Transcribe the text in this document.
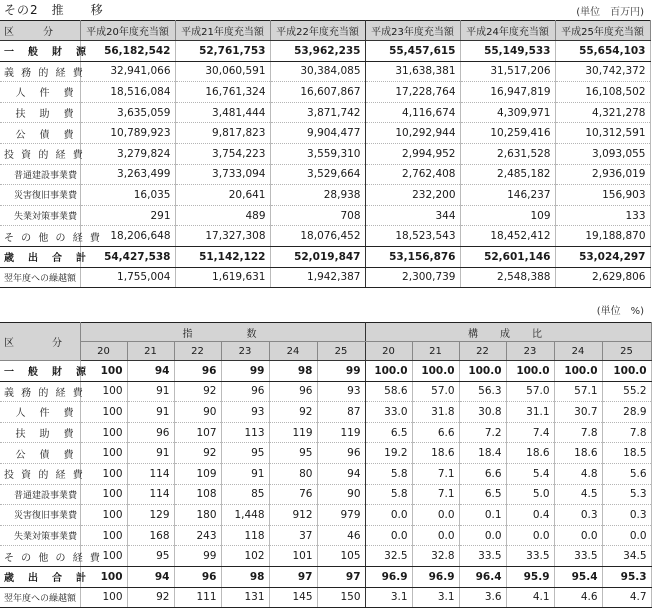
その2　推　　移	(単位　百万円)
区　　分	平成20年度充当額	平成21年度充当額	平成22年度充当額	平成23年度充当額	平成24年度充当額	平成25年度充当額
一　般　財　源	56,182,542	52,761,753	53,962,235	55,457,615	55,149,533	55,654,103
義 務 的 経 費	32,941,066	30,060,591	30,384,085	31,638,381	31,517,206	30,742,372
人　件　費	18,516,084	16,761,324	16,607,867	17,228,764	16,947,819	16,108,502
扶　助　費	3,635,059	3,481,444	3,871,742	4,116,674	4,309,971	4,321,278
公　債　費	10,789,923	9,817,823	9,904,477	10,292,944	10,259,416	10,312,591
投 資 的 経 費	3,279,824	3,754,223	3,559,310	2,994,952	2,631,528	3,093,055
普通建設事業費	3,263,499	3,733,094	3,529,664	2,762,408	2,485,182	2,936,019
災害復旧事業費	16,035	20,641	28,938	232,200	146,237	156,903
失業対策事業費	291	489	708	344	109	133
そ の 他 の 経 費	18,206,648	17,327,308	18,076,452	18,523,543	18,452,412	19,188,870
歳　出　合　計	54,427,538	51,142,122	52,019,847	53,156,876	52,601,146	53,024,297
翌年度への繰越額	1,755,004	1,619,631	1,942,387	2,300,739	2,548,388	2,629,806
(単位　%)
区　　分	指　　　数						構　成　比					
	20	21	22	23	24	25	20	21	22	23	24	25
一　般　財　源	100	94	96	99	98	99	100.0	100.0	100.0	100.0	100.0	100.0
義 務 的 経 費	100	91	92	96	96	93	58.6	57.0	56.3	57.0	57.1	55.2
人　件　費	100	91	90	93	92	87	33.0	31.8	30.8	31.1	30.7	28.9
扶　助　費	100	96	107	113	119	119	6.5	6.6	7.2	7.4	7.8	7.8
公　債　費	100	91	92	95	95	96	19.2	18.6	18.4	18.6	18.6	18.5
投 資 的 経 費	100	114	109	91	80	94	5.8	7.1	6.6	5.4	4.8	5.6
普通建設事業費	100	114	108	85	76	90	5.8	7.1	6.5	5.0	4.5	5.3
災害復旧事業費	100	129	180	1,448	912	979	0.0	0.0	0.1	0.4	0.3	0.3
失業対策事業費	100	168	243	118	37	46	0.0	0.0	0.0	0.0	0.0	0.0
そ の 他 の 経 費	100	95	99	102	101	105	32.5	32.8	33.5	33.5	33.5	34.5
歳　出　合　計	100	94	96	98	97	97	96.9	96.9	96.4	95.9	95.4	95.3
翌年度への繰越額	100	92	111	131	145	150	3.1	3.1	3.6	4.1	4.6	4.7
